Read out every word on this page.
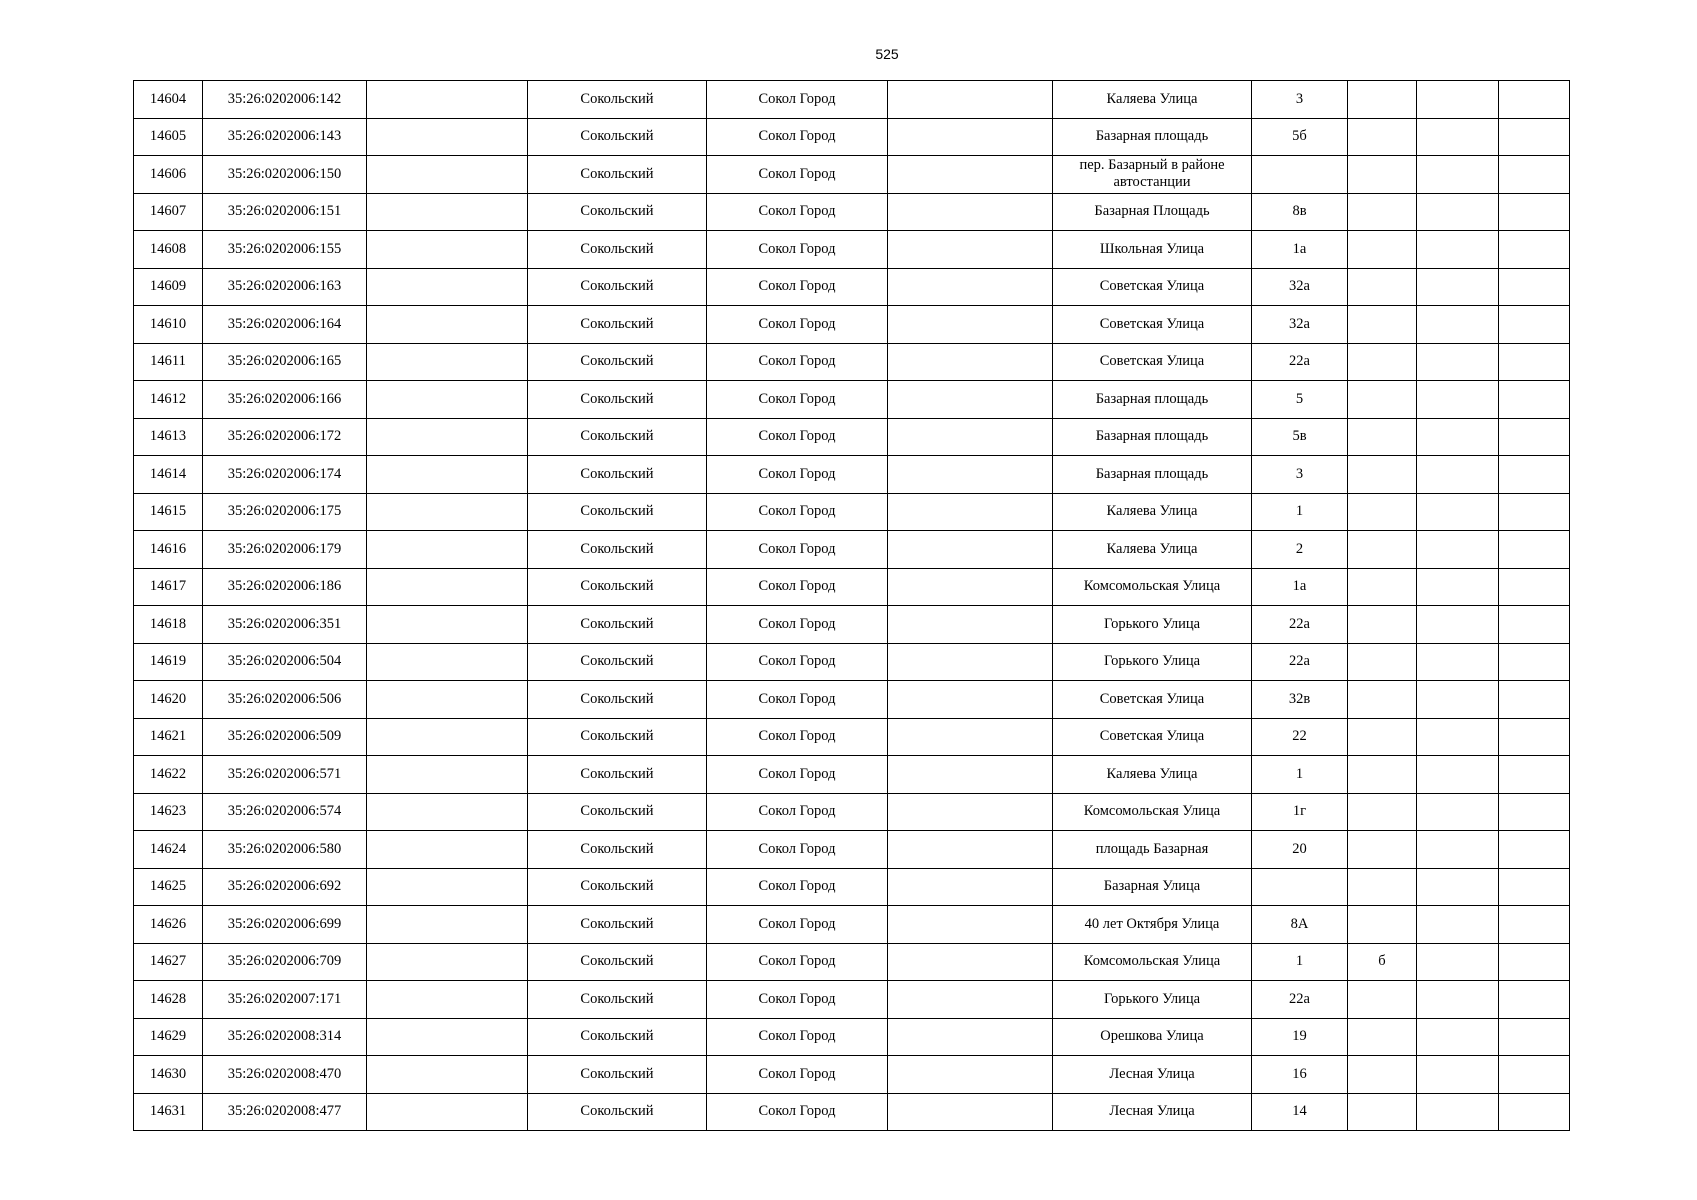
525
14604	35:26:0202006:142		Сокольский	Сокол Город		Каляева Улица	3			
14605	35:26:0202006:143		Сокольский	Сокол Город		Базарная площадь	5б			
14606	35:26:0202006:150		Сокольский	Сокол Город		пер. Базарный в районе автостанции				
14607	35:26:0202006:151		Сокольский	Сокол Город		Базарная Площадь	8в			
14608	35:26:0202006:155		Сокольский	Сокол Город		Школьная Улица	1а			
14609	35:26:0202006:163		Сокольский	Сокол Город		Советская Улица	32а			
14610	35:26:0202006:164		Сокольский	Сокол Город		Советская Улица	32а			
14611	35:26:0202006:165		Сокольский	Сокол Город		Советская Улица	22а			
14612	35:26:0202006:166		Сокольский	Сокол Город		Базарная площадь	5			
14613	35:26:0202006:172		Сокольский	Сокол Город		Базарная площадь	5в			
14614	35:26:0202006:174		Сокольский	Сокол Город		Базарная площадь	3			
14615	35:26:0202006:175		Сокольский	Сокол Город		Каляева Улица	1			
14616	35:26:0202006:179		Сокольский	Сокол Город		Каляева Улица	2			
14617	35:26:0202006:186		Сокольский	Сокол Город		Комсомольская Улица	1а			
14618	35:26:0202006:351		Сокольский	Сокол Город		Горького Улица	22а			
14619	35:26:0202006:504		Сокольский	Сокол Город		Горького Улица	22а			
14620	35:26:0202006:506		Сокольский	Сокол Город		Советская Улица	32в			
14621	35:26:0202006:509		Сокольский	Сокол Город		Советская Улица	22			
14622	35:26:0202006:571		Сокольский	Сокол Город		Каляева Улица	1			
14623	35:26:0202006:574		Сокольский	Сокол Город		Комсомольская Улица	1г			
14624	35:26:0202006:580		Сокольский	Сокол Город		площадь Базарная	20			
14625	35:26:0202006:692		Сокольский	Сокол Город		Базарная Улица				
14626	35:26:0202006:699		Сокольский	Сокол Город		40 лет Октября Улица	8А			
14627	35:26:0202006:709		Сокольский	Сокол Город		Комсомольская Улица	1	б		
14628	35:26:0202007:171		Сокольский	Сокол Город		Горького Улица	22а			
14629	35:26:0202008:314		Сокольский	Сокол Город		Орешкова Улица	19			
14630	35:26:0202008:470		Сокольский	Сокол Город		Лесная Улица	16			
14631	35:26:0202008:477		Сокольский	Сокол Город		Лесная Улица	14			
